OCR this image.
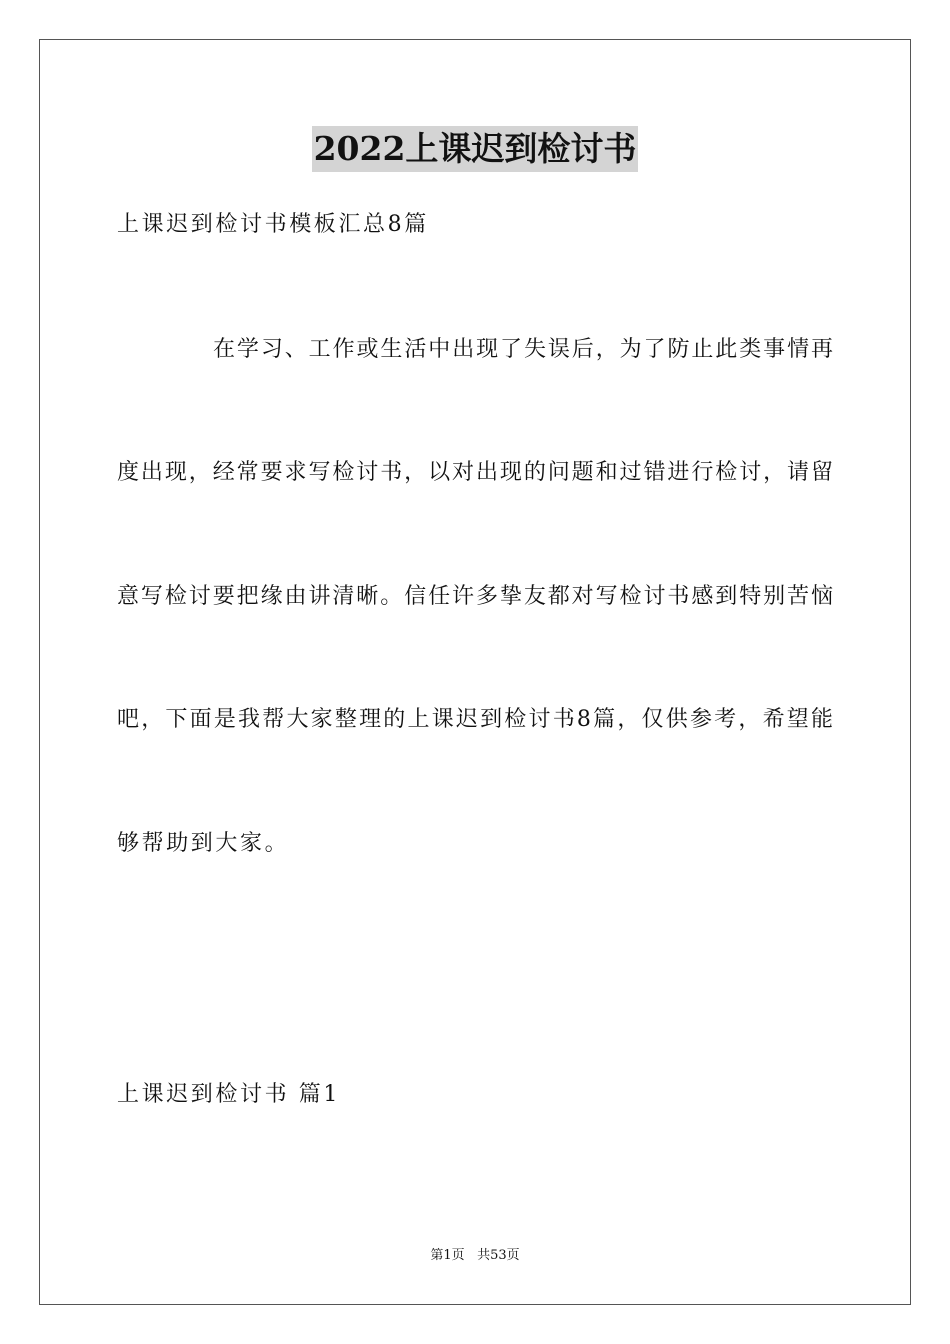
2022上课迟到检讨书
上课迟到检讨书模板汇总8篇
在学习、工作或生活中出现了失误后，为了防止此类事情再
度出现，经常要求写检讨书，以对出现的问题和过错进行检讨，请留
意写检讨要把缘由讲清晰。信任许多挚友都对写检讨书感到特别苦恼
吧，下面是我帮大家整理的上课迟到检讨书8篇，仅供参考，希望能
够帮助到大家。
上课迟到检讨书 篇1
第1页 共53页
